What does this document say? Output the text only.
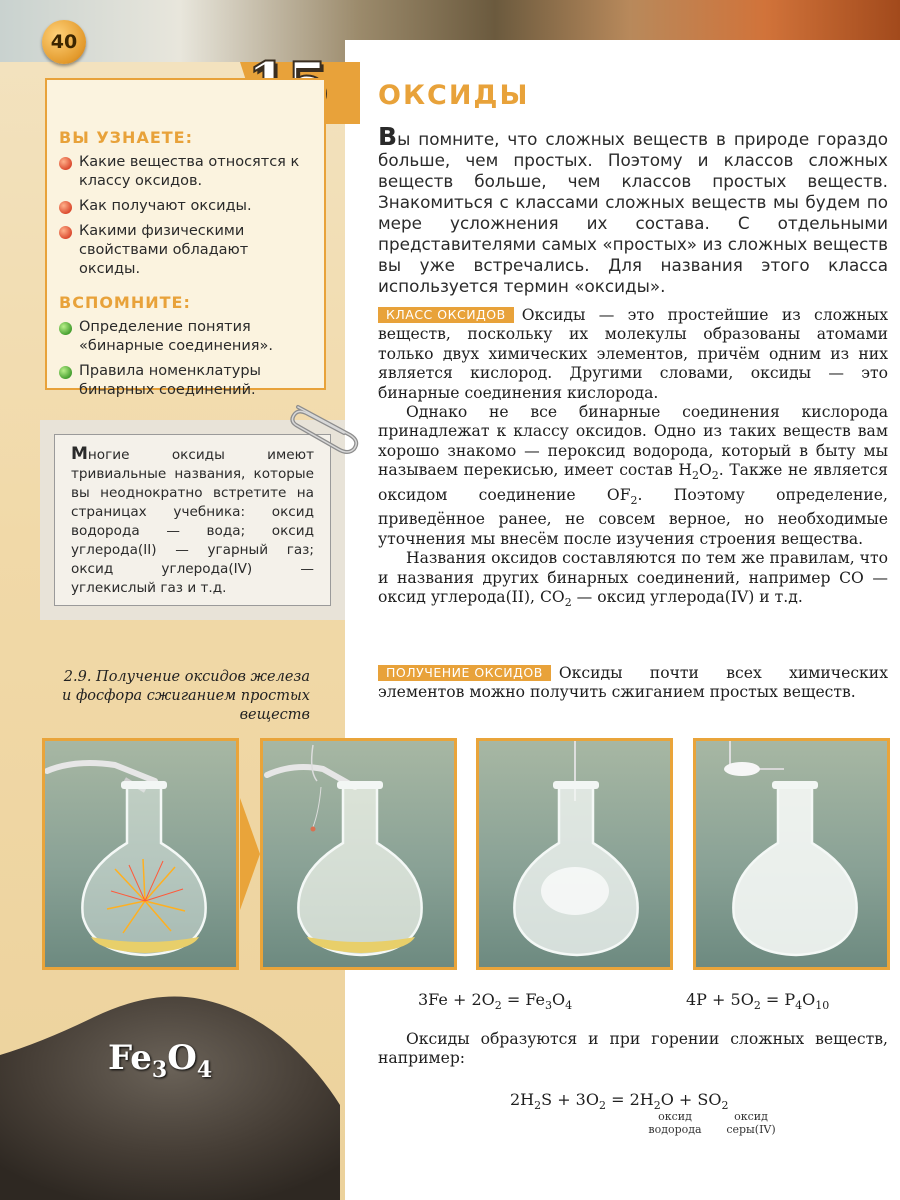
40
ВЫ УЗНАЕТЕ:
Какие вещества относятся к классу оксидов.
Как получают оксиды.
Какими физическими свойствами обладают оксиды.
ВСПОМНИТЕ:
Определение понятия «бинарные соединения».
Правила номенклатуры бинарных соединений.
Многие оксиды имеют тривиальные названия, которые вы неоднократно встретите на страницах учебника: оксид водорода — вода; оксид углерода(II) — угарный газ; оксид углерода(IV) — углекислый газ и т.д.
2.9. Получение оксидов железа и фосфора сжиганием простых веществ
$Fe_3O_4$
ОКСИДЫ
Вы помните, что сложных веществ в природе гораздо больше, чем простых. Поэтому и классов сложных веществ больше, чем классов простых веществ. Знакомиться с классами сложных веществ мы будем по мере усложнения их состава. С отдельными представителями самых «простых» из сложных веществ вы уже встречались. Для названия этого класса используется термин «оксиды».

КЛАСС ОКСИДОВ Оксиды — это простейшие из сложных веществ, поскольку их молекулы образованы атомами только двух химических элементов, причём одним из них является кислород. Другими словами, оксиды — это бинарные соединения кислорода.

Однако не все бинарные соединения кислорода принадлежат к классу оксидов. Одно из таких веществ вам хорошо знакомо — пероксид водорода, который в быту мы называем перекисью, имеет состав $H_2O_2$. Также не является оксидом соединение $OF_2$. Поэтому определение, приведённое ранее, не совсем верное, но необходимые уточнения мы внесём после изучения строения вещества.

Названия оксидов составляются по тем же правилам, что и названия других бинарных соединений, например CO — оксид углерода(II), $CO_2$ — оксид углерода(IV) и т.д.

ПОЛУЧЕНИЕ ОКСИДОВ Оксиды почти всех химических элементов можно получить сжиганием простых веществ.

$3Fe + 2O_2 = Fe_3O_4$	$4P + 5O_2 = P_4O_{10}$

Оксиды образуются и при горении сложных веществ, например:

$2H_2S + 3O_2 = 2H_2O + SO_2$
оксид
водорода
оксид
серы(IV)
